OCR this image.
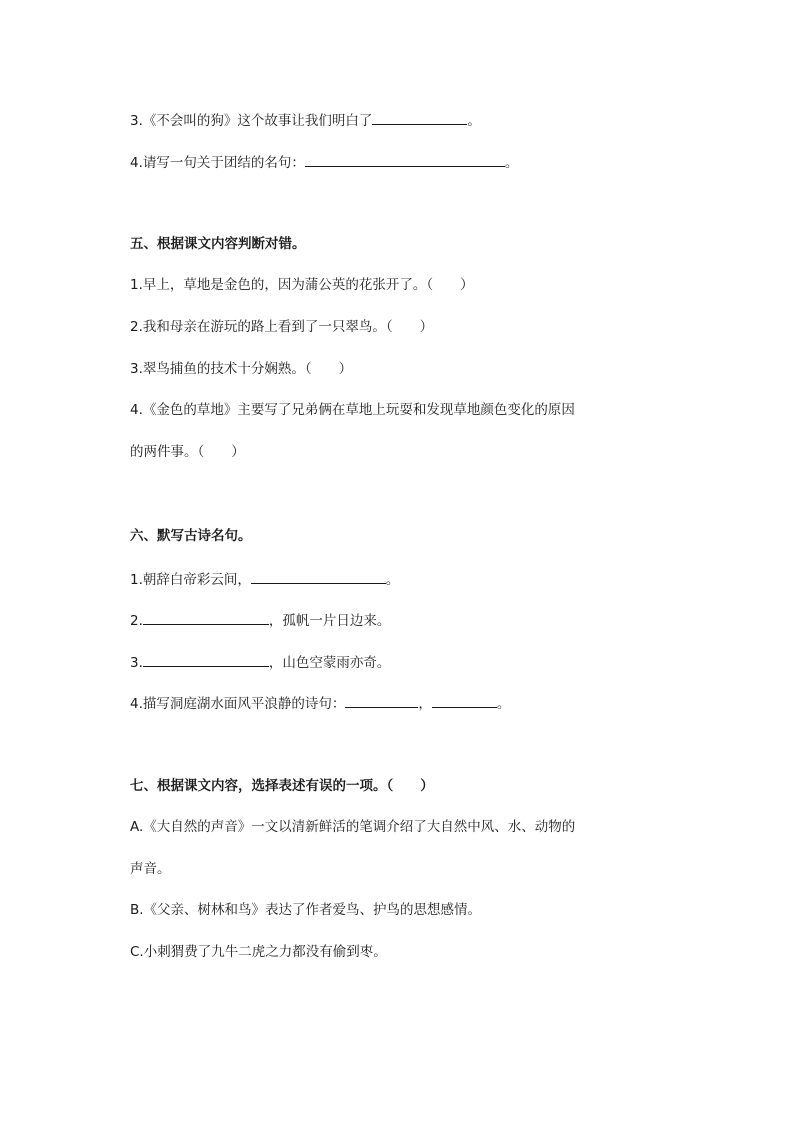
3.《不会叫的狗》这个故事让我们明白了	。
4.请写一句关于团结的名句：	。
五、根据课文内容判断对错。
1.早上，草地是金色的，因为蒲公英的花张开了。（　　）
2.我和母亲在游玩的路上看到了一只翠鸟。（　　）
3.翠鸟捕鱼的技术十分娴熟。（　　）
4.《金色的草地》主要写了兄弟俩在草地上玩耍和发现草地颜色变化的原因
的两件事。（　　）
六、默写古诗名句。
1.朝辞白帝彩云间，	。
2.	，孤帆一片日边来。
3.	，山色空蒙雨亦奇。
4.描写洞庭湖水面风平浪静的诗句：	，	。
七、根据课文内容，选择表述有误的一项。（　　）
A.《大自然的声音》一文以清新鲜活的笔调介绍了大自然中风、水、动物的
声音。
B.《父亲、树林和鸟》表达了作者爱鸟、护鸟的思想感情。
C.小刺猬费了九牛二虎之力都没有偷到枣。
